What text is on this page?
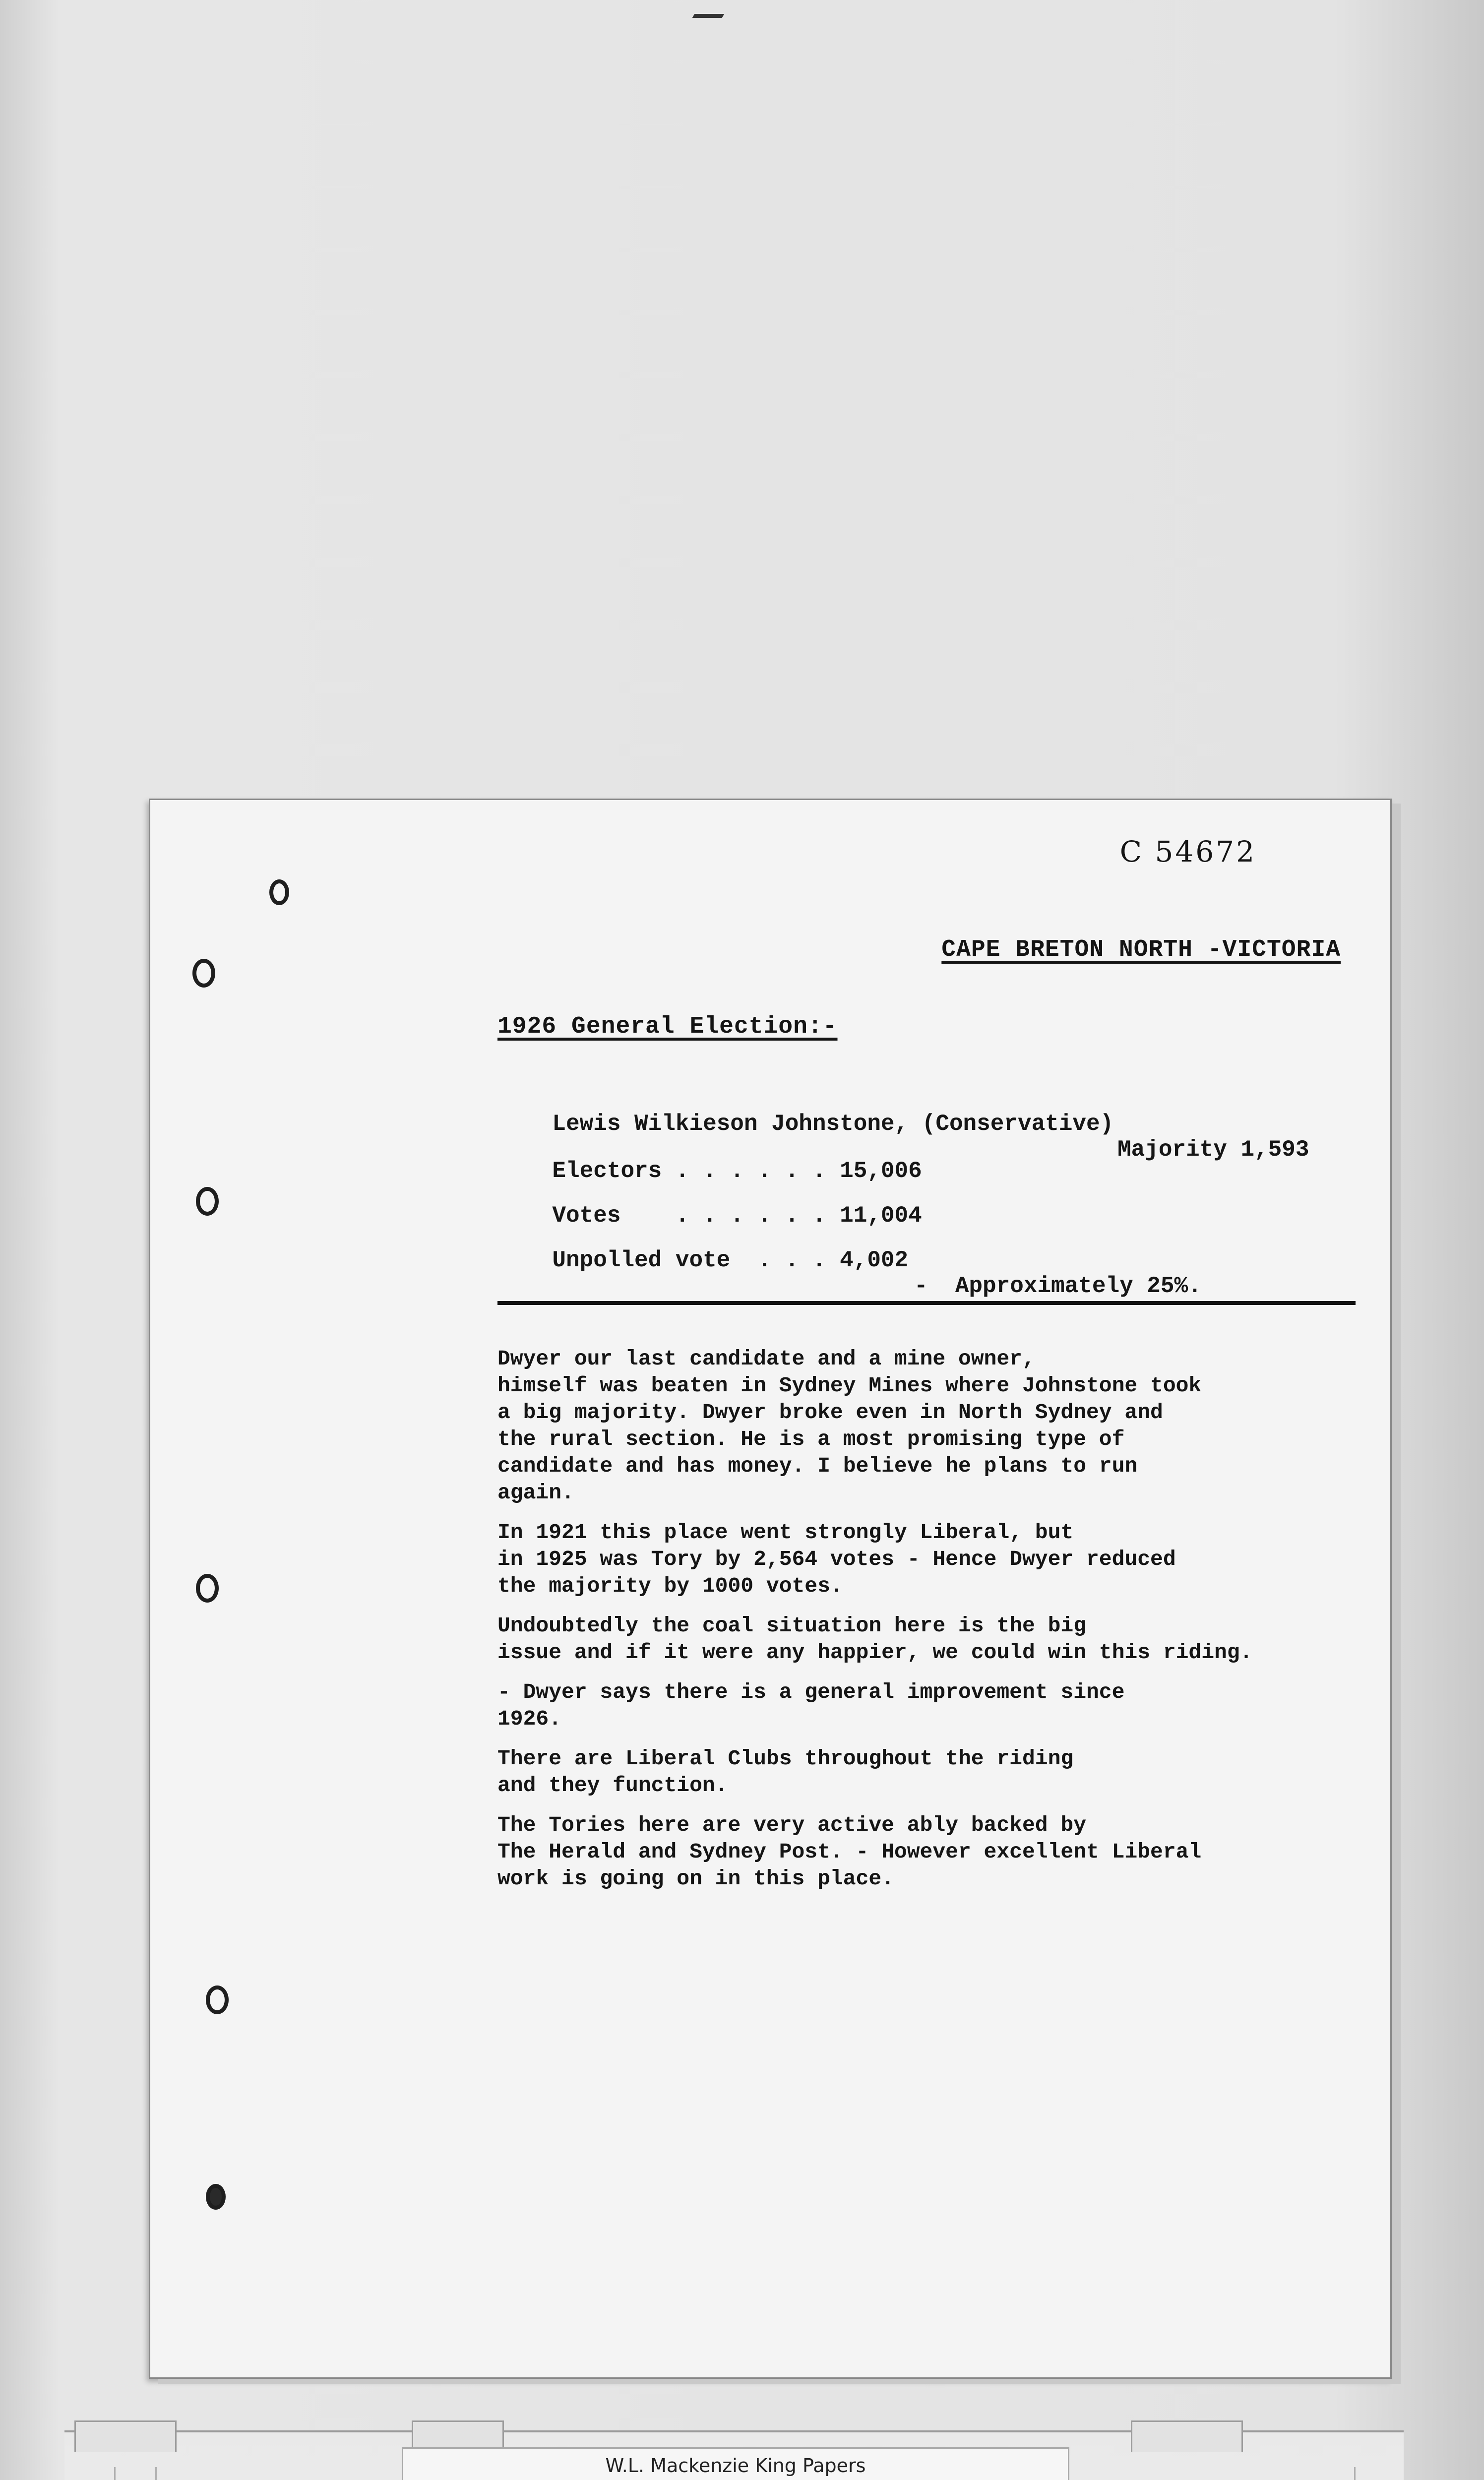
C 54672
CAPE BRETON NORTH -VICTORIA
1926 General Election:-

Lewis Wilkieson Johnstone, (Conservative)

Majority 1,593

Electors . . . . . . 15,006

Votes    . . . . . . 11,004

Unpolled vote  . . . 4,002

-  Approximately 25%.

Dwyer our last candidate and a mine owner,
himself was beaten in Sydney Mines where Johnstone took
a big majority. Dwyer broke even in North Sydney and
the rural section. He is a most promising type of
candidate and has money. I believe he plans to run
again.

In 1921 this place went strongly Liberal, but
in 1925 was Tory by 2,564 votes - Hence Dwyer reduced
the majority by 1000 votes.

Undoubtedly the coal situation here is the big
issue and if it were any happier, we could win this riding.

- Dwyer says there is a general improvement since
1926.

There are Liberal Clubs throughout the riding
and they function.

The Tories here are very active ably backed by
The Herald and Sydney Post. - However excellent Liberal
work is going on in this place.

W.L. Mackenzie King Papers
